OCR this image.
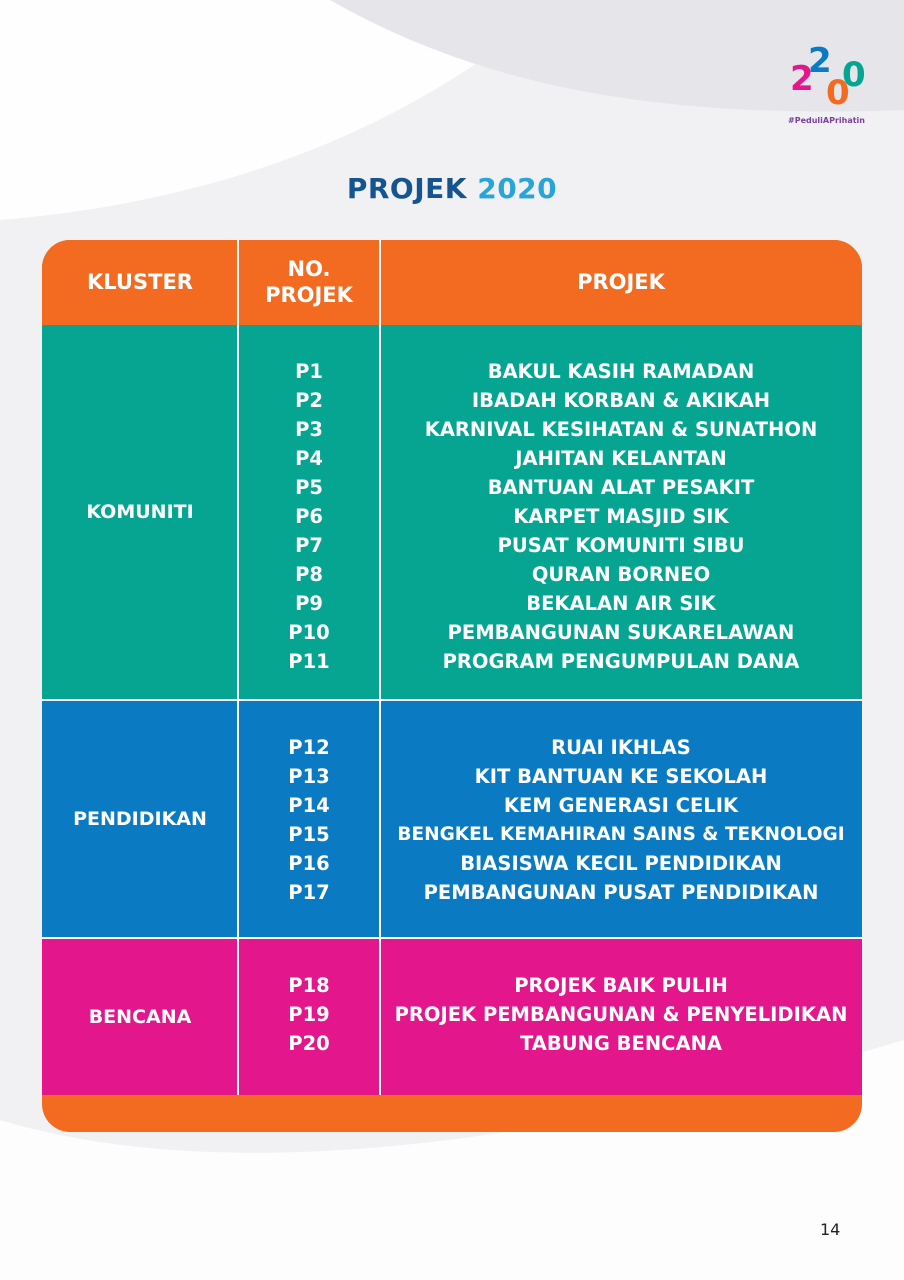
2
2
0
0
#PeduliAPrihatin
PROJEK 2020
KLUSTER
NO.
PROJEK
PROJEK
KOMUNITI
P1
P2
P3
P4
P5
P6
P7
P8
P9
P10
P11
BAKUL KASIH RAMADAN
IBADAH KORBAN & AKIKAH
KARNIVAL KESIHATAN & SUNATHON
JAHITAN KELANTAN
BANTUAN ALAT PESAKIT
KARPET MASJID SIK
PUSAT KOMUNITI SIBU
QURAN BORNEO
BEKALAN AIR SIK
PEMBANGUNAN SUKARELAWAN
PROGRAM PENGUMPULAN DANA
PENDIDIKAN
P12
P13
P14
P15
P16
P17
RUAI IKHLAS
KIT BANTUAN KE SEKOLAH
KEM GENERASI CELIK
BENGKEL KEMAHIRAN SAINS & TEKNOLOGI
BIASISWA KECIL PENDIDIKAN
PEMBANGUNAN PUSAT PENDIDIKAN
BENCANA
P18
P19
P20
PROJEK BAIK PULIH
PROJEK PEMBANGUNAN & PENYELIDIKAN
TABUNG BENCANA
14
